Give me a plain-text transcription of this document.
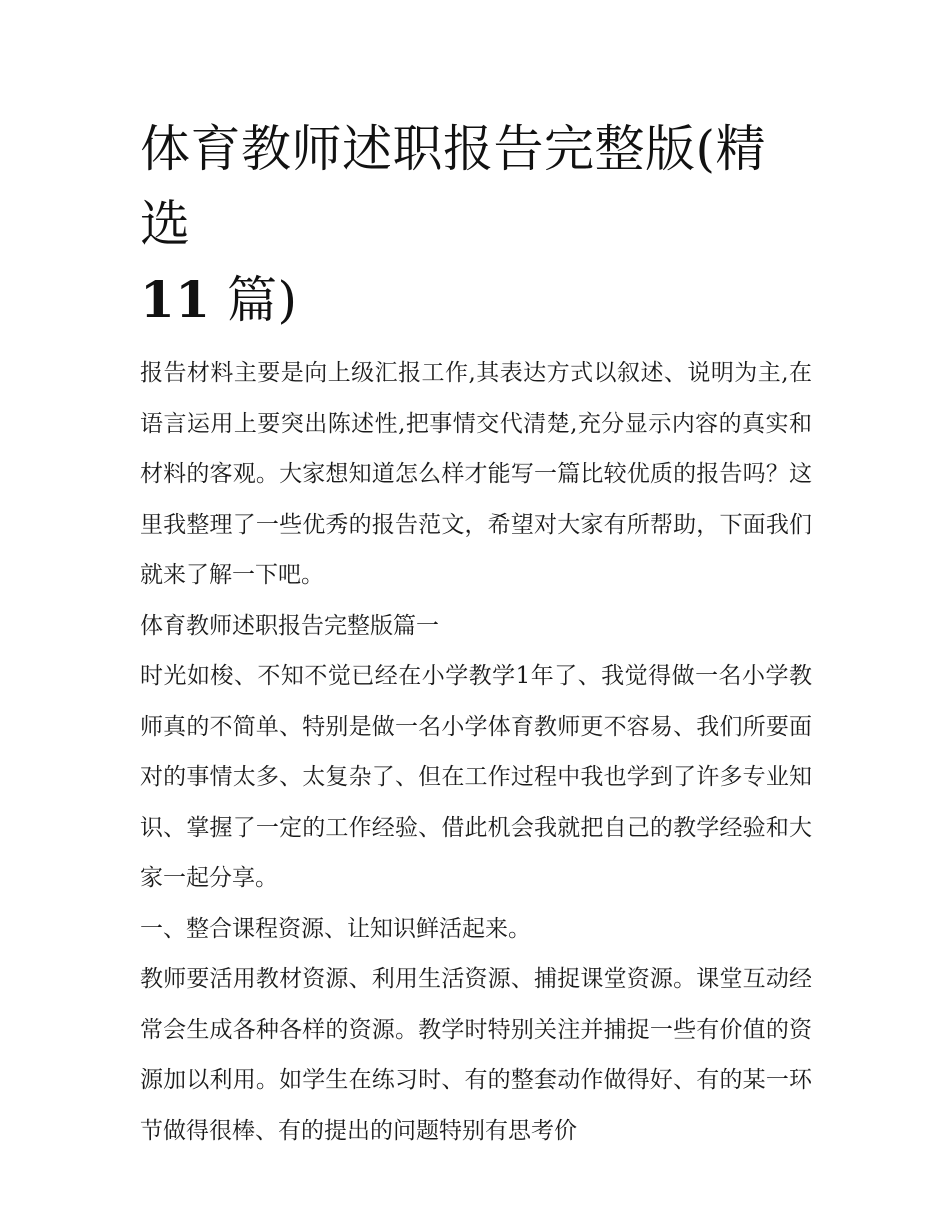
体育教师述职报告完整版(精选
11 篇)

报告材料主要是向上级汇报工作,其表达方式以叙述、说明为主,在语言运用上要突出陈述性,把事情交代清楚,充分显示内容的真实和材料的客观。大家想知道怎么样才能写一篇比较优质的报告吗？这里我整理了一些优秀的报告范文，希望对大家有所帮助，下面我们就来了解一下吧。

体育教师述职报告完整版篇一

时光如梭、不知不觉已经在小学教学1年了、我觉得做一名小学教师真的不简单、特别是做一名小学体育教师更不容易、我们所要面对的事情太多、太复杂了、但在工作过程中我也学到了许多专业知识、掌握了一定的工作经验、借此机会我就把自己的教学经验和大家一起分享。

一、整合课程资源、让知识鲜活起来。

教师要活用教材资源、利用生活资源、捕捉课堂资源。课堂互动经常会生成各种各样的资源。教学时特别关注并捕捉一些有价值的资源加以利用。如学生在练习时、有的整套动作做得好、有的某一环节做得很棒、有的提出的问题特别有思考价
